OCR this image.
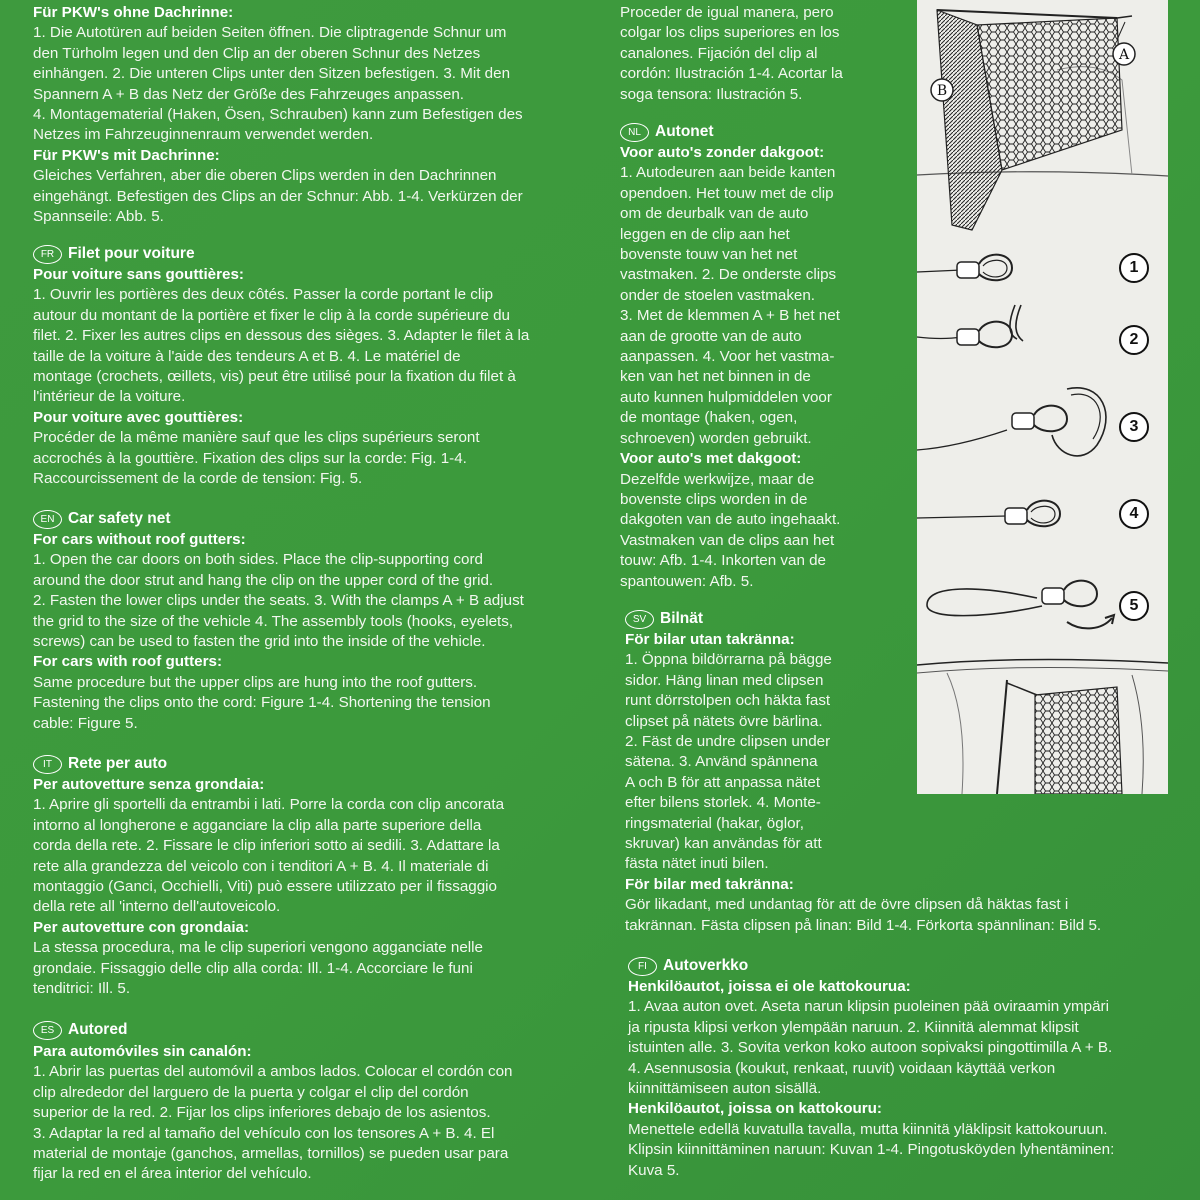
Für PKW's ohne Dachrinne:
1. Die Autotüren auf beiden Seiten öffnen. Die cliptragende Schnur um
den Türholm legen und den Clip an der oberen Schnur des Netzes
einhängen. 2. Die unteren Clips unter den Sitzen befestigen. 3. Mit den
Spannern A + B das Netz der Größe des Fahrzeuges anpassen.
4. Montagematerial (Haken, Ösen, Schrauben) kann zum Befestigen des
Netzes im Fahrzeuginnenraum verwendet werden.
Für PKW's mit Dachrinne:
Gleiches Verfahren, aber die oberen Clips werden in den Dachrinnen
eingehängt. Befestigen des Clips an der Schnur: Abb. 1-4. Verkürzen der
Spannseile: Abb. 5.
FR Filet pour voiture
Pour voiture sans gouttières:
1. Ouvrir les portières des deux côtés. Passer la corde portant le clip
autour du montant de la portière et fixer le clip à la corde supérieure du
filet. 2. Fixer les autres clips en dessous des sièges. 3. Adapter le filet à la
taille de la voiture à l'aide des tendeurs A et B. 4. Le matériel de
montage (crochets, œillets, vis) peut être utilisé pour la fixation du filet à
l'intérieur de la voiture.
Pour voiture avec gouttières:
Procéder de la même manière sauf que les clips supérieurs seront
accrochés à la gouttière. Fixation des clips sur la corde: Fig. 1-4.
Raccourcissement de la corde de tension: Fig. 5.
EN Car safety net
For cars without roof gutters:
1. Open the car doors on both sides. Place the clip-supporting cord
around the door strut and hang the clip on the upper cord of the grid.
2. Fasten the lower clips under the seats. 3. With the clamps A + B adjust
the grid to the size of the vehicle 4. The assembly tools (hooks, eyelets,
screws) can be used to fasten the grid into the inside of the vehicle.
For cars with roof gutters:
Same procedure but the upper clips are hung into the roof gutters.
Fastening the clips onto the cord: Figure 1-4. Shortening the tension
cable: Figure 5.
IT Rete per auto
Per autovetture senza grondaia:
1. Aprire gli sportelli da entrambi i lati. Porre la corda con clip ancorata
intorno al longherone e agganciare la clip alla parte superiore della
corda della rete. 2. Fissare le clip inferiori sotto ai sedili. 3. Adattare la
rete alla grandezza del veicolo con i tenditori A + B. 4. Il materiale di
montaggio (Ganci, Occhielli, Viti) può essere utilizzato per il fissaggio
della rete all 'interno dell'autoveicolo.
Per autovetture con grondaia:
La stessa procedura, ma le clip superiori vengono agganciate nelle
grondaie. Fissaggio delle clip alla corda: Ill. 1-4. Accorciare le funi
tenditrici: Ill. 5.
ES Autored
Para automóviles sin canalón:
1. Abrir las puertas del automóvil a ambos lados. Colocar el cordón con
clip alrededor del larguero de la puerta y colgar el clip del cordón
superior de la red. 2. Fijar los clips inferiores debajo de los asientos.
3. Adaptar la red al tamaño del vehículo con los tensores A + B. 4. El
material de montaje (ganchos, armellas, tornillos) se pueden usar para
fijar la red en el área interior del vehículo.
Proceder de igual manera, pero
colgar los clips superiores en los
canalones. Fijación del clip al
cordón: Ilustración 1-4. Acortar la
soga tensora: Ilustración 5.
NL Autonet
Voor auto's zonder dakgoot:
1. Autodeuren aan beide kanten
opendoen. Het touw met de clip
om de deurbalk van de auto
leggen en de clip aan het
bovenste touw van het net
vastmaken. 2. De onderste clips
onder de stoelen vastmaken.
3. Met de klemmen A + B het net
aan de grootte van de auto
aanpassen. 4. Voor het vastma-
ken van het net binnen in de
auto kunnen hulpmiddelen voor
de montage (haken, ogen,
schroeven) worden gebruikt.
Voor auto's met dakgoot:
Dezelfde werkwijze, maar de
bovenste clips worden in de
dakgoten van de auto ingehaakt.
Vastmaken van de clips aan het
touw: Afb. 1-4. Inkorten van de
spantouwen: Afb. 5.
SV Bilnät
För bilar utan takränna:
1. Öppna bildörrarna på bägge
sidor. Häng linan med clipsen
runt dörrstolpen och häkta fast
clipset på nätets övre bärlina.
2. Fäst de undre clipsen under
sätena. 3. Använd spännena
A och B för att anpassa nätet
efter bilens storlek. 4. Monte-
ringsmaterial (hakar, öglor,
skruvar) kan användas för att
fästa nätet inuti bilen.
För bilar med takränna:
Gör likadant, med undantag för att de övre clipsen då häktas fast i
takrännan. Fästa clipsen på linan: Bild 1-4. Förkorta spännlinan: Bild 5.
FI Autoverkko
Henkilöautot, joissa ei ole kattokourua:
1. Avaa auton ovet. Aseta narun klipsin puoleinen pää oviraamin ympäri
ja ripusta klipsi verkon ylempään naruun. 2. Kiinnitä alemmat klipsit
istuinten alle. 3. Sovita verkon koko autoon sopivaksi pingottimilla A + B.
4. Asennusosia (koukut, renkaat, ruuvit) voidaan käyttää verkon
kiinnittämiseen auton sisällä.
Henkilöautot, joissa on kattokouru:
Menettele edellä kuvatulla tavalla, mutta kiinnitä yläklipsit kattokouruun.
Klipsin kiinnittäminen naruun: Kuvan 1-4. Pingotusköyden lyhentäminen:
Kuva 5.
A
B
1
2
3
4
5
